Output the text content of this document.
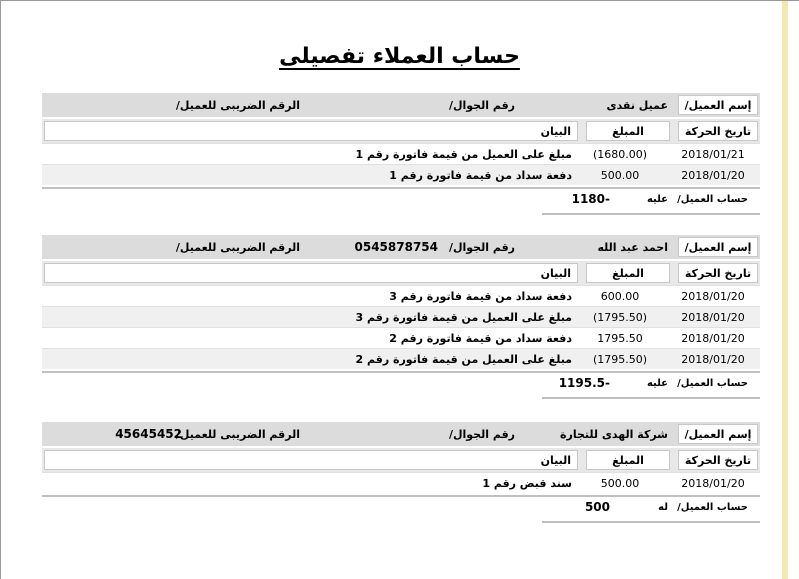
حساب العملاء تفصيلى
إسم العميل/
عميل نقدى
رقم الجوال/
الرقم الضريبى للعميل/
تاريخ الحركة
المبلغ
البيان
2018/01/21
(1680.00)
مبلغ على العميل من قيمة فاتورة رقم 1
2018/01/20
500.00
دفعة سداد من قيمة فاتورة رقم 1
حساب العميل/
عليه
1180-
إسم العميل/
احمد عبد الله
رقم الجوال/
0545878754
الرقم الضريبى للعميل/
تاريخ الحركة
المبلغ
البيان
2018/01/20
600.00
دفعة سداد من قيمة فاتورة رقم 3
2018/01/20
(1795.50)
مبلغ على العميل من قيمة فاتورة رقم 3
2018/01/20
1795.50
دفعة سداد من قيمة فاتورة رقم 2
2018/01/20
(1795.50)
مبلغ على العميل من قيمة فاتورة رقم 2
حساب العميل/
عليه
1195.5-
إسم العميل/
شركة الهدى للتجارة
رقم الجوال/
الرقم الضريبى للعميل/
45645452
تاريخ الحركة
المبلغ
البيان
2018/01/20
500.00
سند قبض رقم 1
حساب العميل/
له
500
